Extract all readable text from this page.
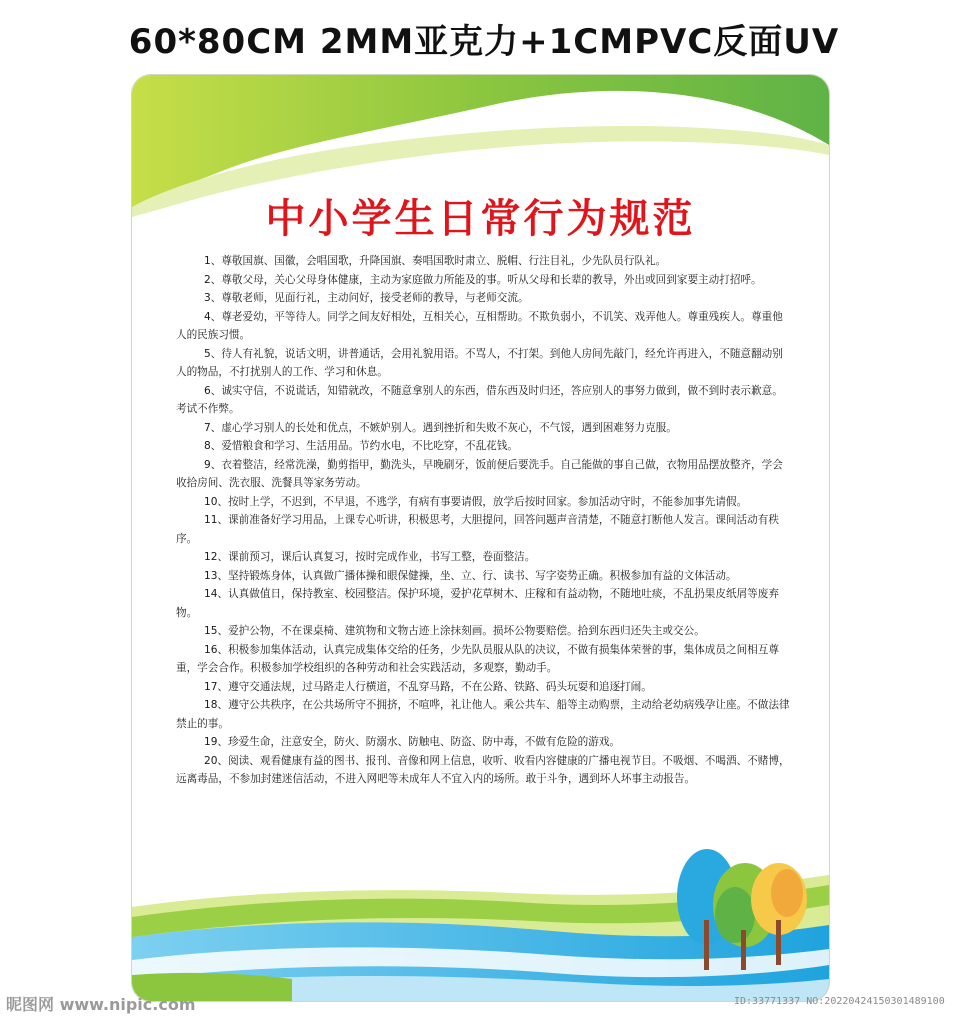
60*80CM 2MM亚克力+1CMPVC反面UV
中小学生日常行为规范
1、尊敬国旗、国徽，会唱国歌，升降国旗、奏唱国歌时肃立、脱帽、行注目礼，少先队员行队礼。
2、尊敬父母，关心父母身体健康，主动为家庭做力所能及的事。听从父母和长辈的教导，外出或回到家要主动打招呼。
3、尊敬老师，见面行礼，主动问好，接受老师的教导，与老师交流。
4、尊老爱幼，平等待人。同学之间友好相处，互相关心，互相帮助。不欺负弱小，不讥笑、戏弄他人。尊重残疾人。尊重他人的民族习惯。
5、待人有礼貌，说话文明，讲普通话，会用礼貌用语。不骂人，不打架。到他人房间先敲门，经允许再进入，不随意翻动别人的物品，不打扰别人的工作、学习和休息。
6、诚实守信，不说谎话，知错就改，不随意拿别人的东西，借东西及时归还，答应别人的事努力做到，做不到时表示歉意。考试不作弊。
7、虚心学习别人的长处和优点，不嫉妒别人。遇到挫折和失败不灰心，不气馁，遇到困难努力克服。
8、爱惜粮食和学习、生活用品。节约水电，不比吃穿，不乱花钱。
9、衣着整洁，经常洗澡，勤剪指甲，勤洗头，早晚刷牙，饭前便后要洗手。自己能做的事自己做，衣物用品摆放整齐，学会收拾房间、洗衣服、洗餐具等家务劳动。
10、按时上学，不迟到，不早退，不逃学，有病有事要请假，放学后按时回家。参加活动守时，不能参加事先请假。
11、课前准备好学习用品，上课专心听讲，积极思考，大胆提问，回答问题声音清楚，不随意打断他人发言。课间活动有秩序。
12、课前预习，课后认真复习，按时完成作业，书写工整，卷面整洁。
13、坚持锻炼身体，认真做广播体操和眼保健操，坐、立、行、读书、写字姿势正确。积极参加有益的文体活动。
14、认真做值日，保持教室、校园整洁。保护环境，爱护花草树木、庄稼和有益动物，不随地吐痰，不乱扔果皮纸屑等废弃物。
15、爱护公物，不在课桌椅、建筑物和文物古迹上涂抹刻画。损坏公物要赔偿。拾到东西归还失主或交公。
16、积极参加集体活动，认真完成集体交给的任务，少先队员服从队的决议，不做有损集体荣誉的事，集体成员之间相互尊重，学会合作。积极参加学校组织的各种劳动和社会实践活动，多观察，勤动手。
17、遵守交通法规，过马路走人行横道，不乱穿马路，不在公路、铁路、码头玩耍和追逐打闹。
18、遵守公共秩序，在公共场所守不拥挤，不喧哗，礼让他人。乘公共车、船等主动购票，主动给老幼病残孕让座。不做法律禁止的事。
19、珍爱生命，注意安全，防火、防溺水、防触电、防盗、防中毒，不做有危险的游戏。
20、阅读、观看健康有益的图书、报刊、音像和网上信息，收听、收看内容健康的广播电视节目。不吸烟、不喝酒、不赌博，远离毒品，不参加封建迷信活动，不进入网吧等未成年人不宜入内的场所。敢于斗争，遇到坏人坏事主动报告。
昵图网 www.nipic.com	ID:33771337 NO:20220424150301489100
